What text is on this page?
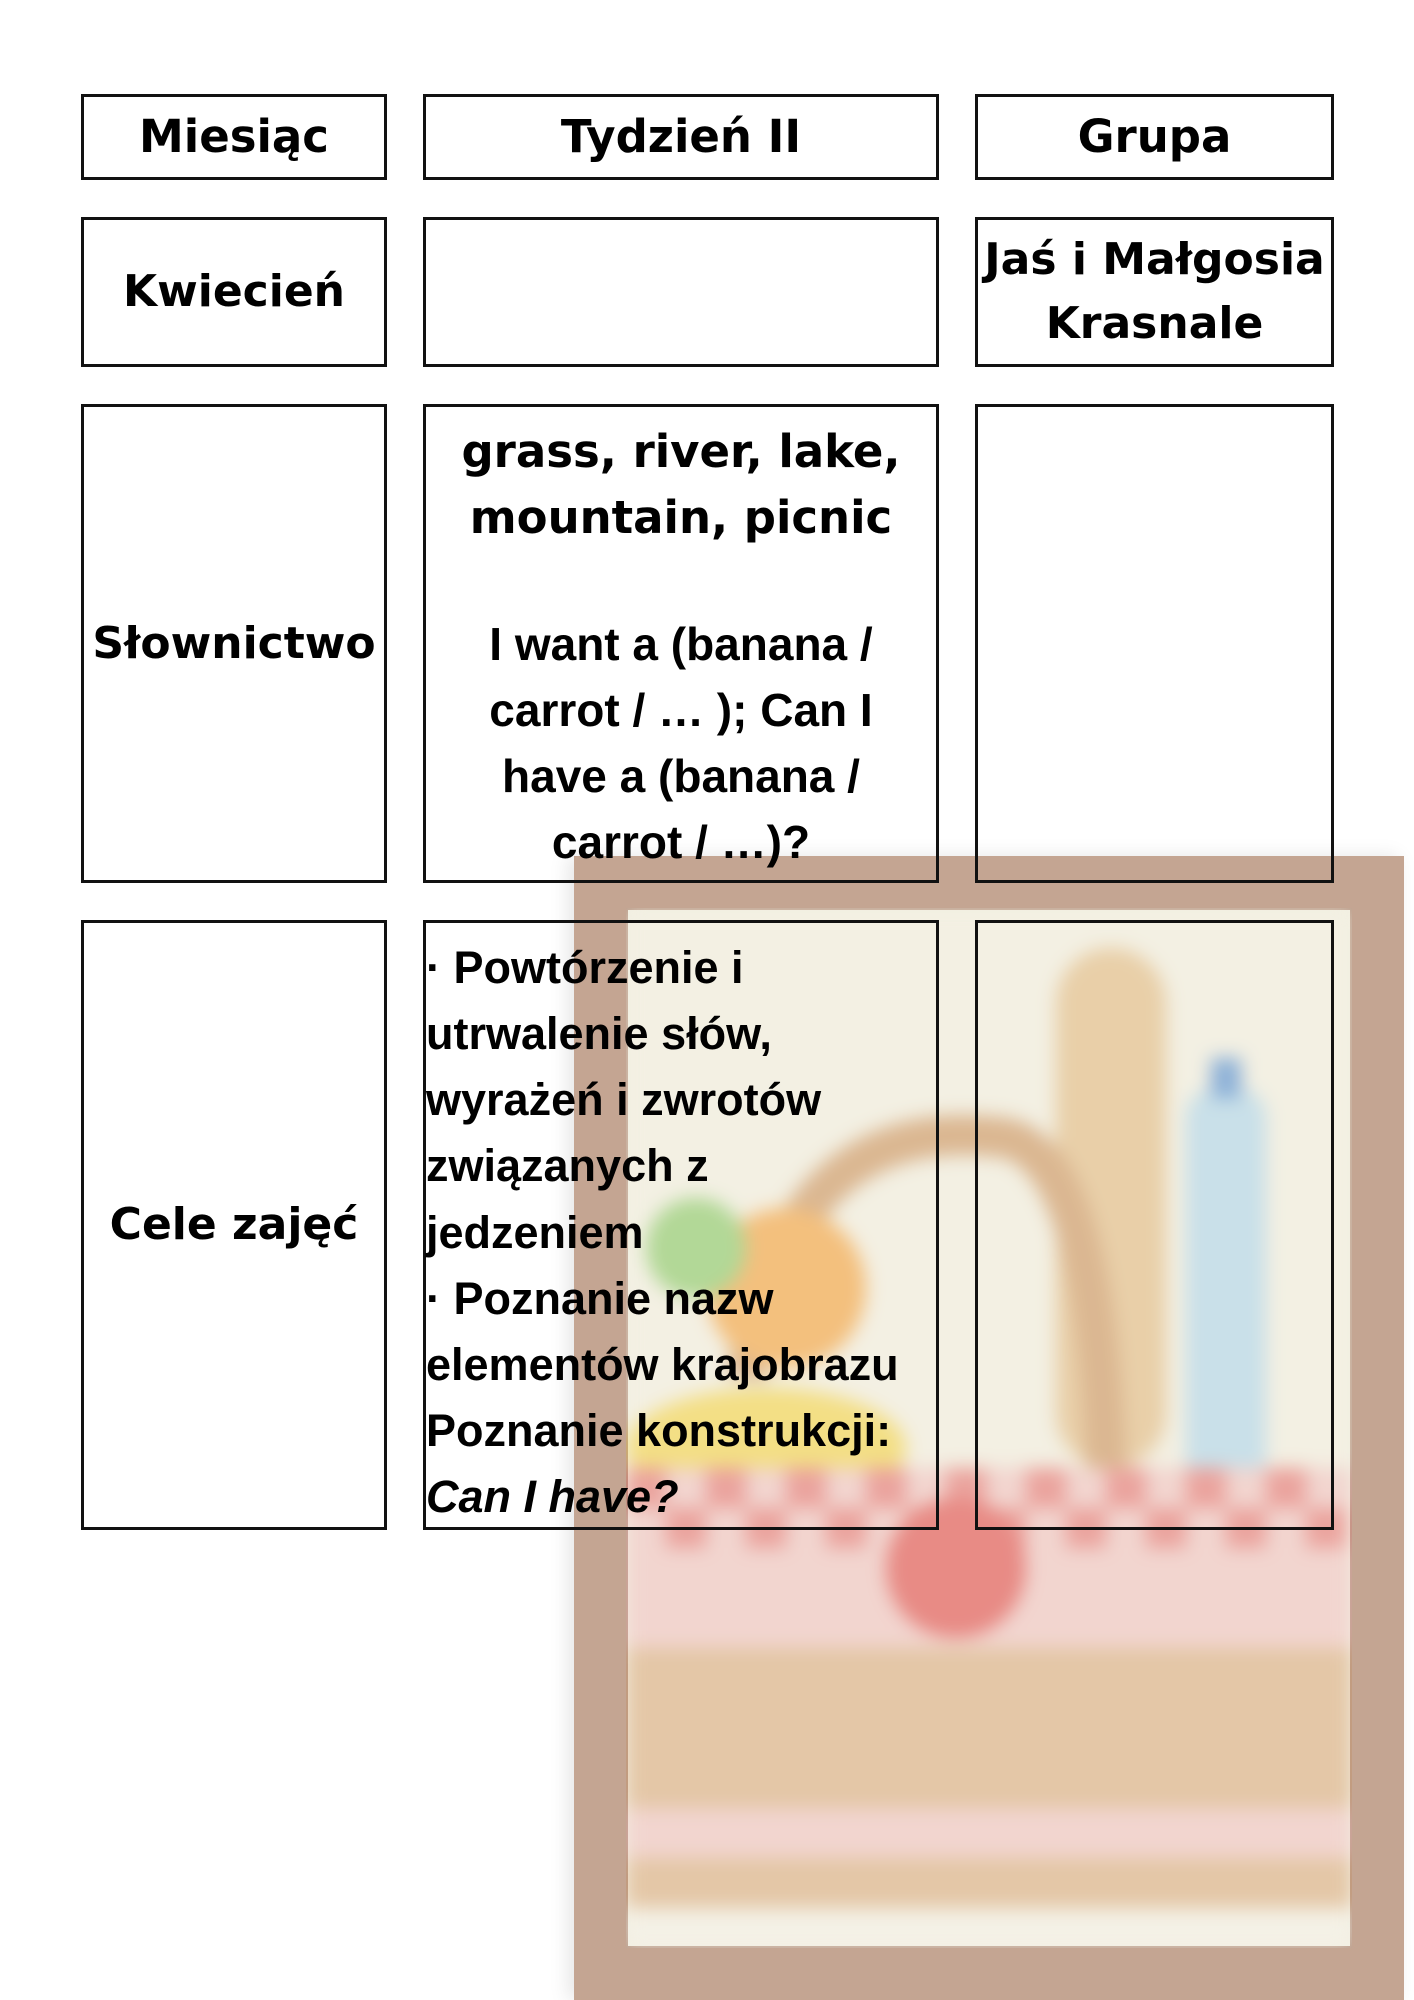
Miesiąc	Tydzień II	Grupa
Kwiecień
Jaś i Małgosia
Krasnale
Słownictwo
grass, river, lake,
mountain, picnic
I want a (banana /
carrot / … ); Can I
have a (banana /
carrot / …)?
Cele zajęć
· Powtórzenie i
utrwalenie słów,
wyrażeń i zwrotów
związanych z
jedzeniem
· Poznanie nazw
elementów krajobrazu
Poznanie konstrukcji:
Can I have?
